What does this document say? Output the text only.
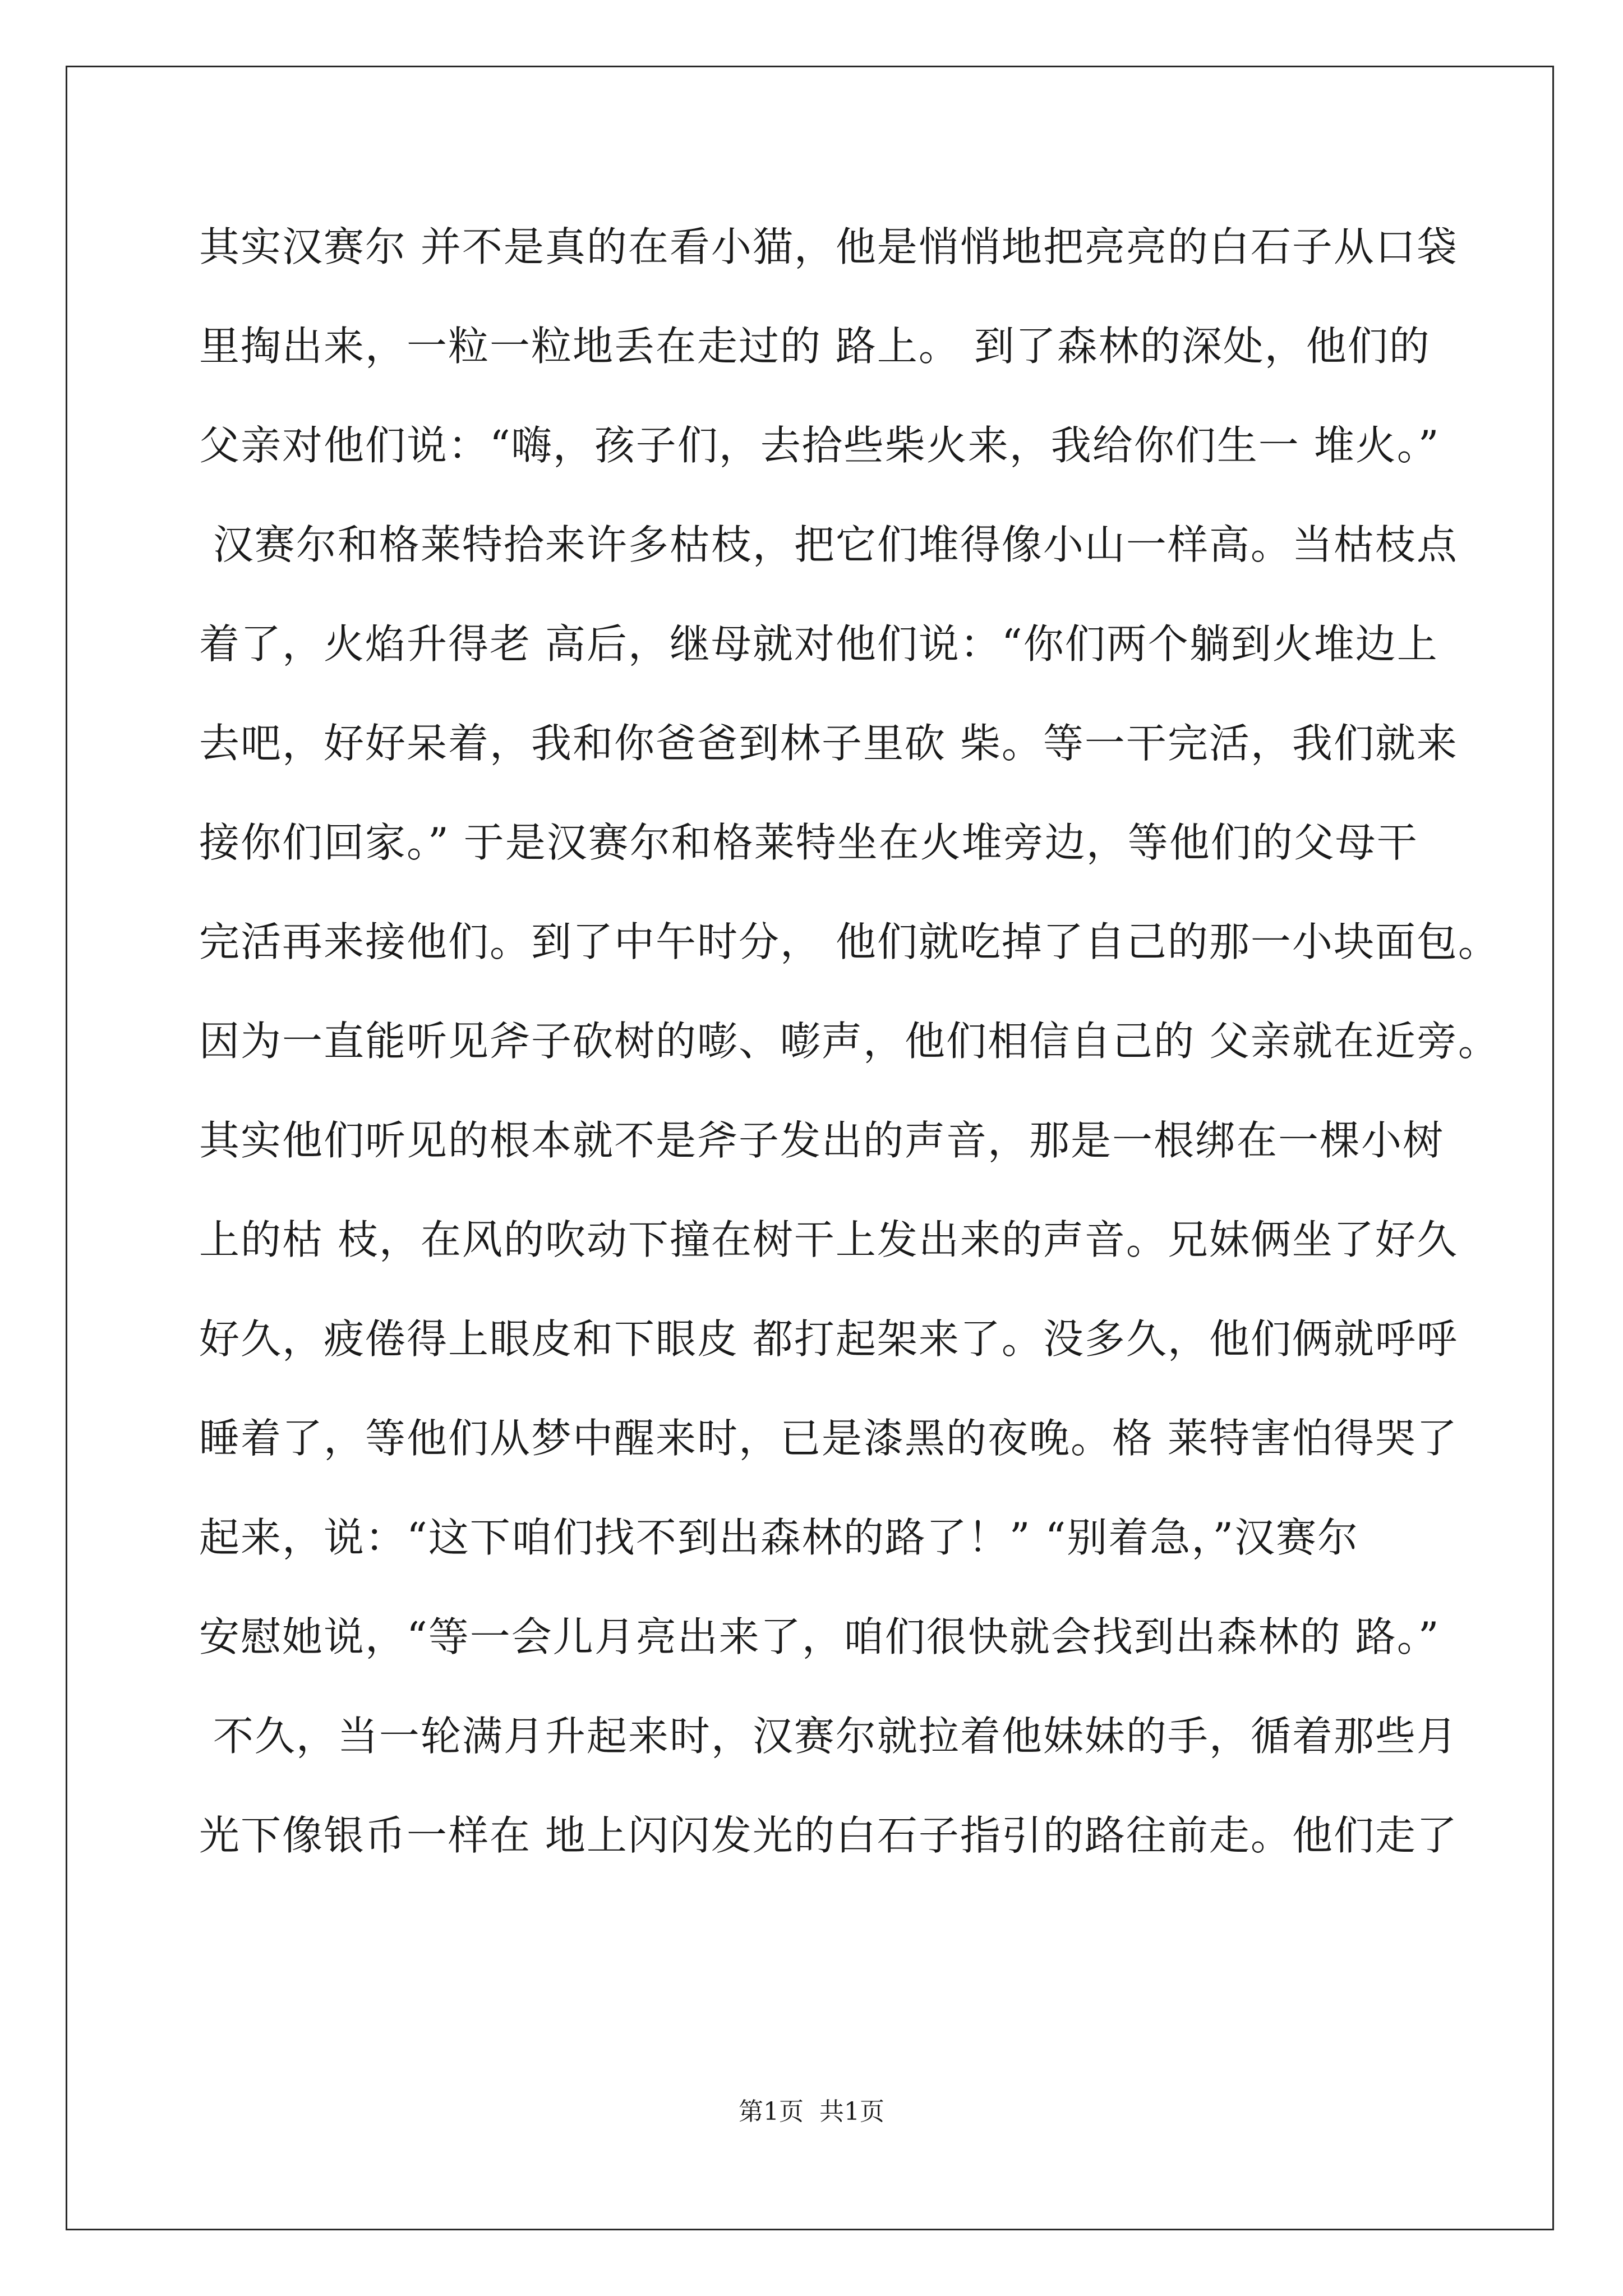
其实汉赛尔 并不是真的在看小猫，他是悄悄地把亮亮的白石子从口袋
里掏出来，一粒一粒地丢在走过的 路上。 到了森林的深处，他们的
父亲对他们说：“嗨，孩子们，去拾些柴火来，我给你们生一 堆火。”
汉赛尔和格莱特拾来许多枯枝，把它们堆得像小山一样高。当枯枝点
着了，火焰升得老 高后，继母就对他们说：“你们两个躺到火堆边上
去吧，好好呆着，我和你爸爸到林子里砍 柴。等一干完活，我们就来
接你们回家。” 于是汉赛尔和格莱特坐在火堆旁边，等他们的父母干
完活再来接他们。到了中午时分， 他们就吃掉了自己的那一小块面包。
因为一直能听见斧子砍树的嘭、嘭声，他们相信自己的 父亲就在近旁。
其实他们听见的根本就不是斧子发出的声音，那是一根绑在一棵小树
上的枯 枝，在风的吹动下撞在树干上发出来的声音。兄妹俩坐了好久
好久，疲倦得上眼皮和下眼皮 都打起架来了。没多久，他们俩就呼呼
睡着了，等他们从梦中醒来时，已是漆黑的夜晚。格 莱特害怕得哭了
起来，说：“这下咱们找不到出森林的路了！” “别着急，”汉赛尔
安慰她说，“等一会儿月亮出来了，咱们很快就会找到出森林的 路。”
不久，当一轮满月升起来时，汉赛尔就拉着他妹妹的手，循着那些月
光下像银币一样在 地上闪闪发光的白石子指引的路往前走。他们走了
第1页  共1页
